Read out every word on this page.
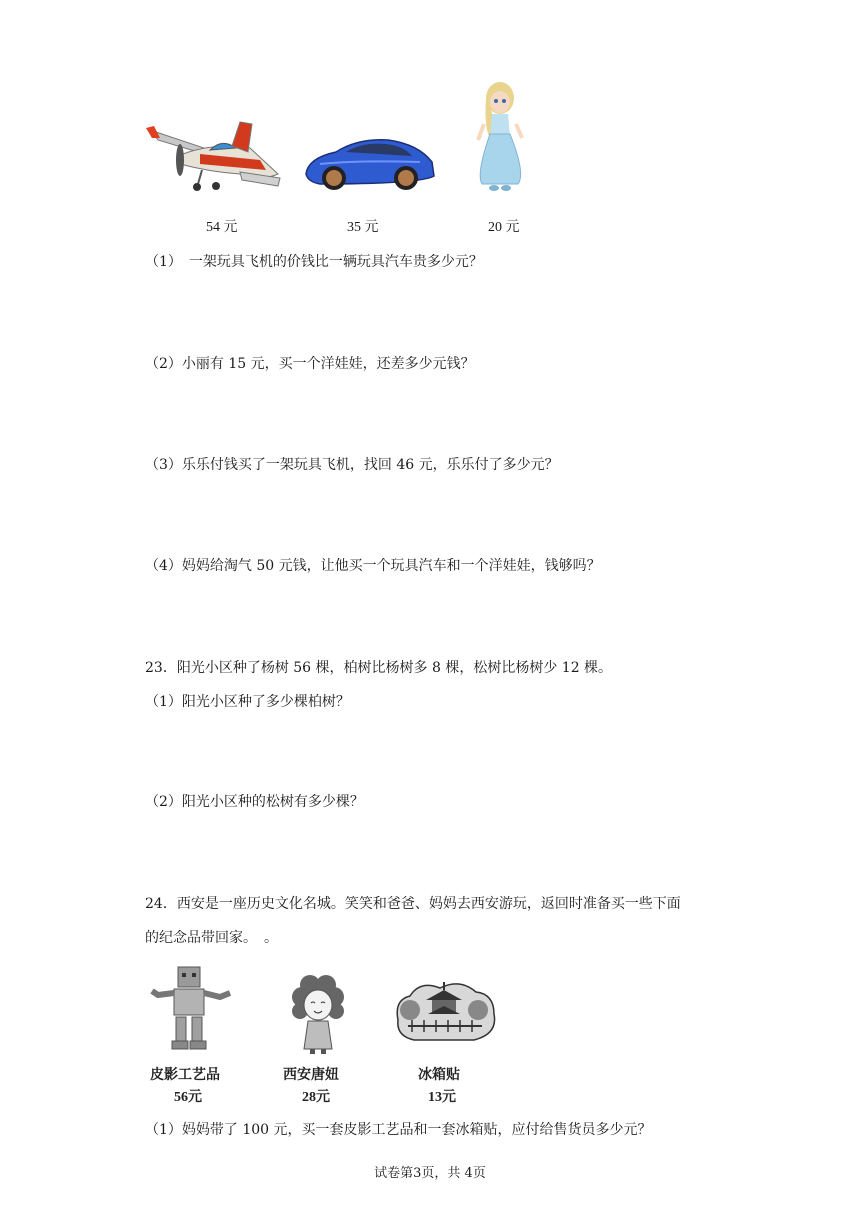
54 元	35 元	20 元
（1）　一架玩具飞机的价钱比一辆玩具汽车贵多少元？
（2）小丽有 15 元，买一个洋娃娃，还差多少元钱？
（3）乐乐付钱买了一架玩具飞机，找回 46 元，乐乐付了多少元？
（4）妈妈给淘气 50 元钱，让他买一个玩具汽车和一个洋娃娃，钱够吗？
23．阳光小区种了杨树 56 棵，柏树比杨树多 8 棵，松树比杨树少 12 棵。
（1）阳光小区种了多少棵柏树？
（2）阳光小区种的松树有多少棵？
24．西安是一座历史文化名城。笑笑和爸爸、妈妈去西安游玩，返回时准备买一些下面
的纪念品带回家。　。
皮影工艺品
56元
西安唐妞
28元
冰箱贴
13元
（1）妈妈带了 100 元，买一套皮影工艺品和一套冰箱贴，应付给售货员多少元？
试卷第3页，共 4页
